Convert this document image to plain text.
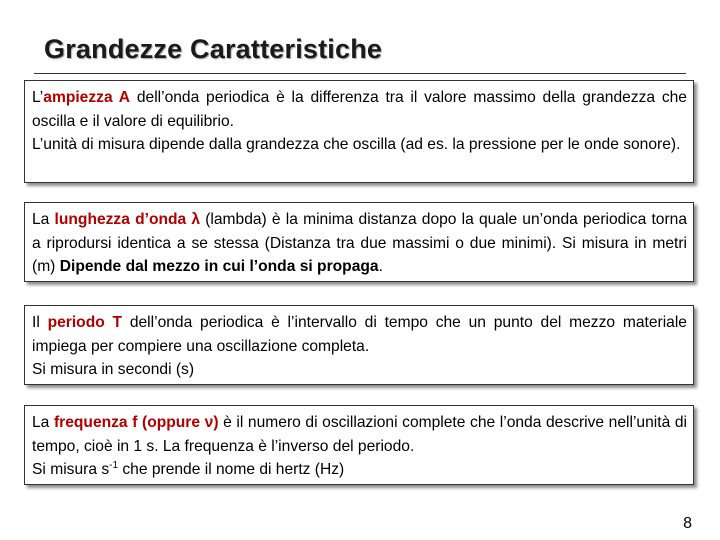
Grandezze Caratteristiche
L’ampiezza A dell’onda periodica è la differenza tra il valore massimo della grandezza che oscilla e il valore di equilibrio.
L’unità di misura dipende dalla grandezza che oscilla (ad es. la pressione per le onde sonore).
La lunghezza d’onda λ (lambda) è la minima distanza dopo la quale un’onda periodica torna a riprodursi identica a se stessa (Distanza tra due massimi o due minimi). Si misura in metri (m) Dipende dal mezzo in cui l’onda si propaga.
Il periodo T dell’onda periodica è l’intervallo di tempo che un punto del mezzo materiale impiega per compiere una oscillazione completa.
Si misura in secondi (s)
La frequenza f (oppure ν) è il numero di oscillazioni complete che l’onda descrive nell’unità di tempo, cioè in 1 s. La frequenza è l’inverso del periodo.
Si misura $s^{-1}$ che prende il nome di hertz (Hz)
8
